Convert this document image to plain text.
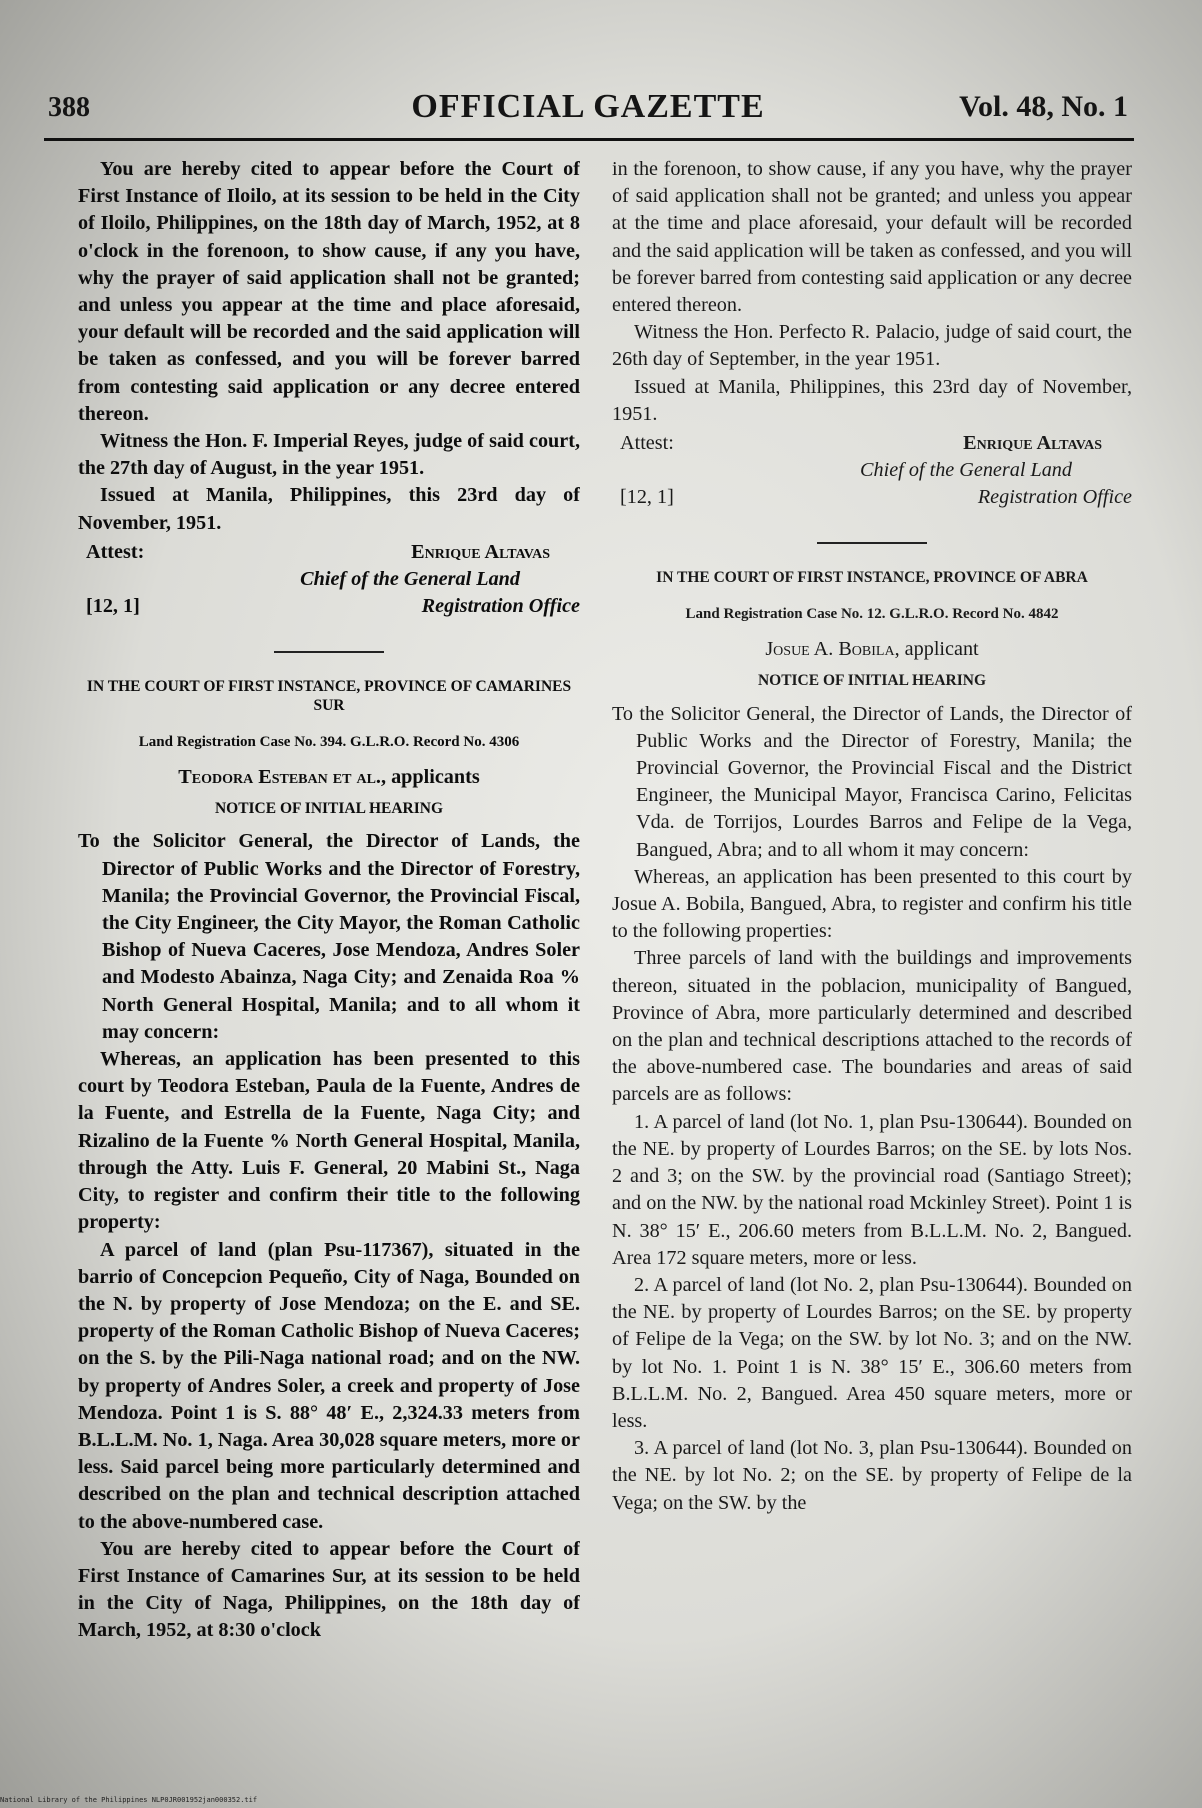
388	OFFICIAL GAZETTE	Vol. 48, No. 1

You are hereby cited to appear before the Court of First Instance of Iloilo, at its session to be held in the City of Iloilo, Philippines, on the 18th day of March, 1952, at 8 o'clock in the forenoon, to show cause, if any you have, why the prayer of said application shall not be granted; and unless you appear at the time and place aforesaid, your default will be recorded and the said application will be taken as confessed, and you will be forever barred from contesting said application or any decree entered thereon.

Witness the Hon. F. Imperial Reyes, judge of said court, the 27th day of August, in the year 1951.

Issued at Manila, Philippines, this 23rd day of November, 1951.

Attest:	Enrique Altavas
Chief of the General Land
[12, 1]	Registration Office
IN THE COURT OF FIRST INSTANCE, PROVINCE OF CAMARINES SUR
Land Registration Case No. 394. G.L.R.O. Record No. 4306
Teodora Esteban et al., applicants
NOTICE OF INITIAL HEARING

To the Solicitor General, the Director of Lands, the Director of Public Works and the Director of Forestry, Manila; the Provincial Governor, the Provincial Fiscal, the City Engineer, the City Mayor, the Roman Catholic Bishop of Nueva Caceres, Jose Mendoza, Andres Soler and Modesto Abainza, Naga City; and Zenaida Roa % North General Hospital, Manila; and to all whom it may concern:

Whereas, an application has been presented to this court by Teodora Esteban, Paula de la Fuente, Andres de la Fuente, and Estrella de la Fuente, Naga City; and Rizalino de la Fuente % North General Hospital, Manila, through the Atty. Luis F. General, 20 Mabini St., Naga City, to register and confirm their title to the following property:

A parcel of land (plan Psu-117367), situated in the barrio of Concepcion Pequeño, City of Naga, Bounded on the N. by property of Jose Mendoza; on the E. and SE. property of the Roman Catholic Bishop of Nueva Caceres; on the S. by the Pili-Naga national road; and on the NW. by property of Andres Soler, a creek and property of Jose Mendoza. Point 1 is S. 88° 48′ E., 2,324.33 meters from B.L.L.M. No. 1, Naga. Area 30,028 square meters, more or less. Said parcel being more particularly determined and described on the plan and technical description attached to the above-numbered case.

You are hereby cited to appear before the Court of First Instance of Camarines Sur, at its session to be held in the City of Naga, Philippines, on the 18th day of March, 1952, at 8:30 o'clock

in the forenoon, to show cause, if any you have, why the prayer of said application shall not be granted; and unless you appear at the time and place aforesaid, your default will be recorded and the said application will be taken as confessed, and you will be forever barred from contesting said application or any decree entered thereon.

Witness the Hon. Perfecto R. Palacio, judge of said court, the 26th day of September, in the year 1951.

Issued at Manila, Philippines, this 23rd day of November, 1951.

Attest:	Enrique Altavas
Chief of the General Land
[12, 1]	Registration Office
IN THE COURT OF FIRST INSTANCE, PROVINCE OF ABRA
Land Registration Case No. 12. G.L.R.O. Record No. 4842
Josue A. Bobila, applicant
NOTICE OF INITIAL HEARING

To the Solicitor General, the Director of Lands, the Director of Public Works and the Director of Forestry, Manila; the Provincial Governor, the Provincial Fiscal and the District Engineer, the Municipal Mayor, Francisca Carino, Felicitas Vda. de Torrijos, Lourdes Barros and Felipe de la Vega, Bangued, Abra; and to all whom it may concern:

Whereas, an application has been presented to this court by Josue A. Bobila, Bangued, Abra, to register and confirm his title to the following properties:

Three parcels of land with the buildings and improvements thereon, situated in the poblacion, municipality of Bangued, Province of Abra, more particularly determined and described on the plan and technical descriptions attached to the records of the above-numbered case. The boundaries and areas of said parcels are as follows:

1. A parcel of land (lot No. 1, plan Psu-130644). Bounded on the NE. by property of Lourdes Barros; on the SE. by lots Nos. 2 and 3; on the SW. by the provincial road (Santiago Street); and on the NW. by the national road Mckinley Street). Point 1 is N. 38° 15′ E., 206.60 meters from B.L.L.M. No. 2, Bangued. Area 172 square meters, more or less.

2. A parcel of land (lot No. 2, plan Psu-130644). Bounded on the NE. by property of Lourdes Barros; on the SE. by property of Felipe de la Vega; on the SW. by lot No. 3; and on the NW. by lot No. 1. Point 1 is N. 38° 15′ E., 306.60 meters from B.L.L.M. No. 2, Bangued. Area 450 square meters, more or less.

3. A parcel of land (lot No. 3, plan Psu-130644). Bounded on the NE. by lot No. 2; on the SE. by property of Felipe de la Vega; on the SW. by the

National Library of the Philippines NLP0JR001952jan000352.tif
